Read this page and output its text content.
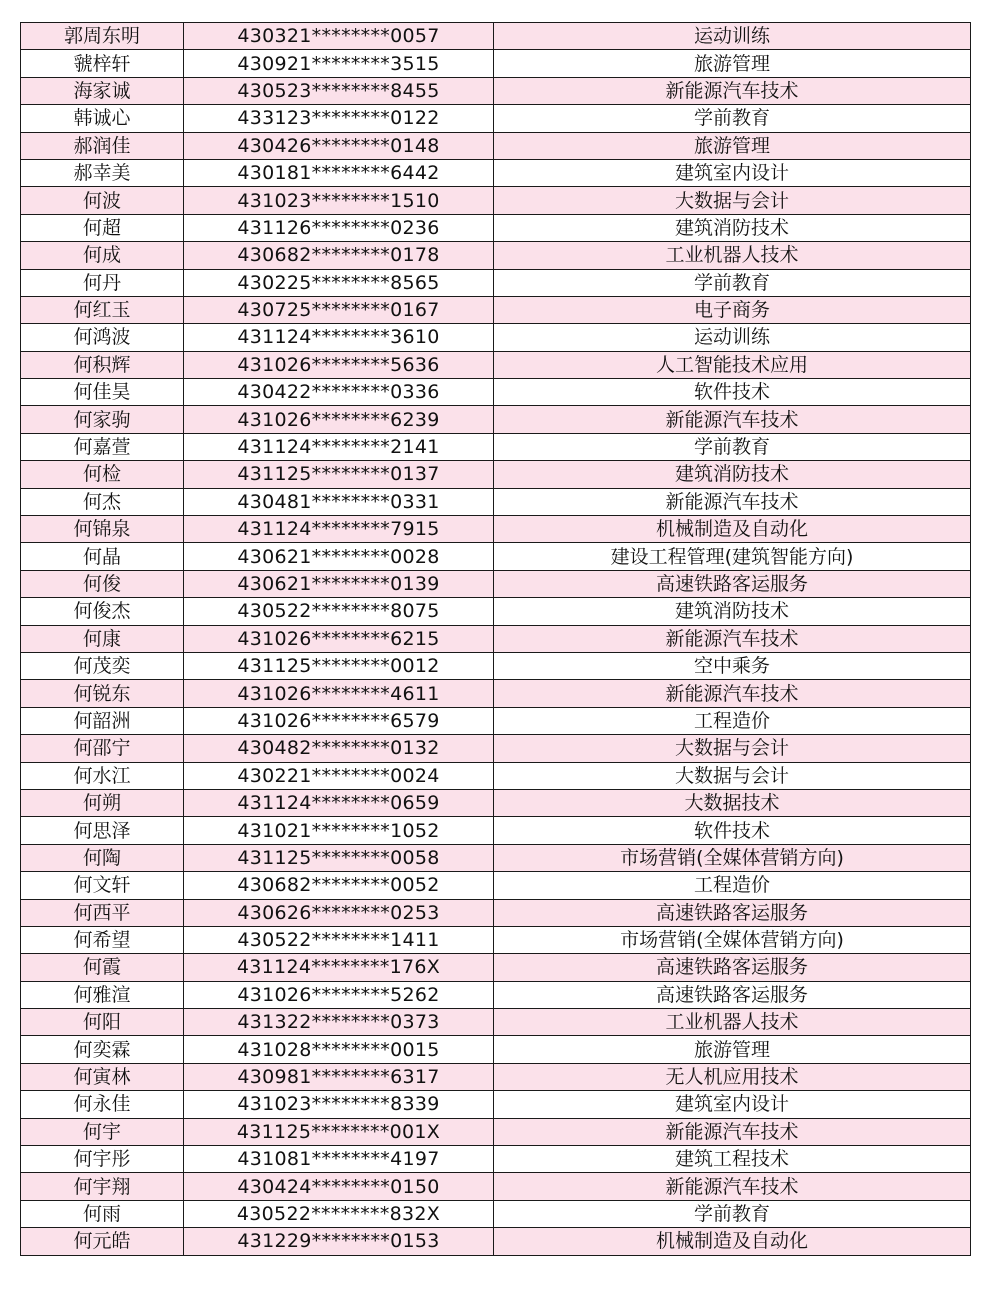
郭周东明	430321********0057	运动训练
虢梓轩	430921********3515	旅游管理
海家诚	430523********8455	新能源汽车技术
韩诚心	433123********0122	学前教育
郝润佳	430426********0148	旅游管理
郝幸美	430181********6442	建筑室内设计
何波	431023********1510	大数据与会计
何超	431126********0236	建筑消防技术
何成	430682********0178	工业机器人技术
何丹	430225********8565	学前教育
何红玉	430725********0167	电子商务
何鸿波	431124********3610	运动训练
何积辉	431026********5636	人工智能技术应用
何佳昊	430422********0336	软件技术
何家驹	431026********6239	新能源汽车技术
何嘉萱	431124********2141	学前教育
何检	431125********0137	建筑消防技术
何杰	430481********0331	新能源汽车技术
何锦泉	431124********7915	机械制造及自动化
何晶	430621********0028	建设工程管理(建筑智能方向)
何俊	430621********0139	高速铁路客运服务
何俊杰	430522********8075	建筑消防技术
何康	431026********6215	新能源汽车技术
何茂奕	431125********0012	空中乘务
何锐东	431026********4611	新能源汽车技术
何韶洲	431026********6579	工程造价
何邵宁	430482********0132	大数据与会计
何水江	430221********0024	大数据与会计
何朔	431124********0659	大数据技术
何思泽	431021********1052	软件技术
何陶	431125********0058	市场营销(全媒体营销方向)
何文轩	430682********0052	工程造价
何西平	430626********0253	高速铁路客运服务
何希望	430522********1411	市场营销(全媒体营销方向)
何霞	431124********176X	高速铁路客运服务
何雅渲	431026********5262	高速铁路客运服务
何阳	431322********0373	工业机器人技术
何奕霖	431028********0015	旅游管理
何寅林	430981********6317	无人机应用技术
何永佳	431023********8339	建筑室内设计
何宇	431125********001X	新能源汽车技术
何宇彤	431081********4197	建筑工程技术
何宇翔	430424********0150	新能源汽车技术
何雨	430522********832X	学前教育
何元皓	431229********0153	机械制造及自动化
